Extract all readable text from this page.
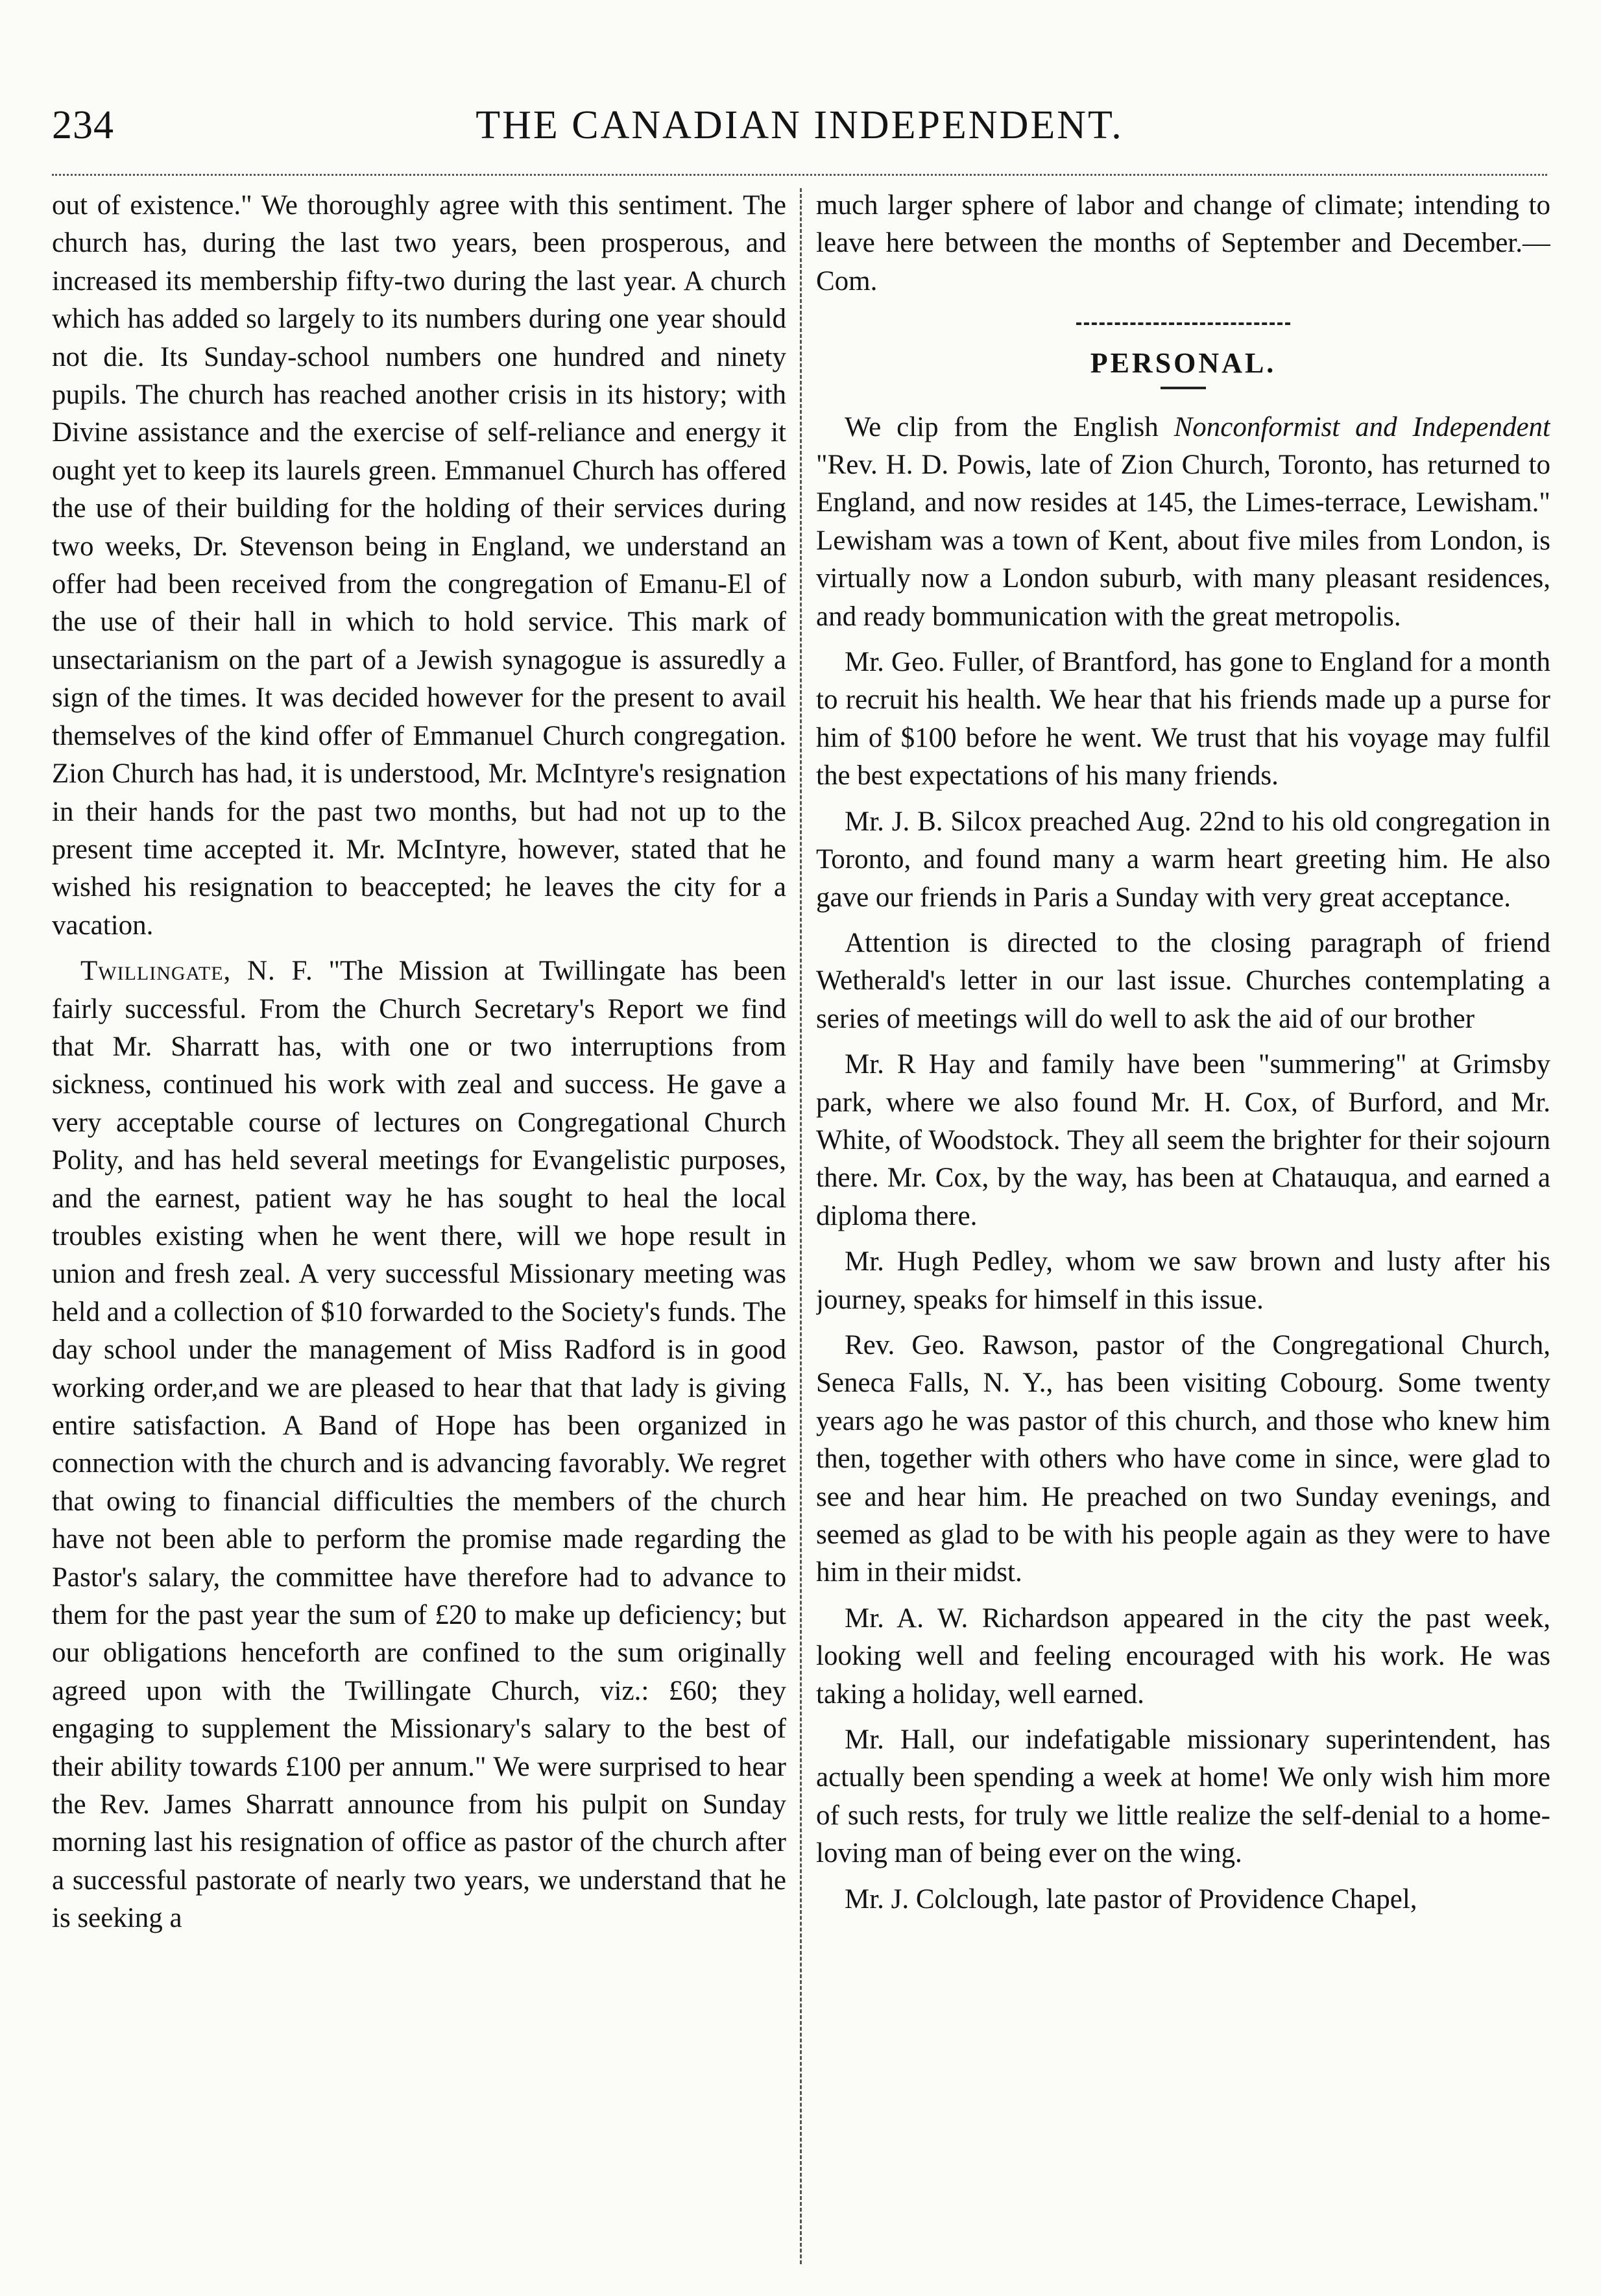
234	THE CANADIAN INDEPENDENT.

out of existence." We thoroughly agree with this sentiment. The church has, during the last two years, been prosperous, and increased its membership fifty-two during the last year. A church which has added so largely to its numbers during one year should not die. Its Sunday-school numbers one hundred and ninety pupils. The church has reached another crisis in its history; with Divine assistance and the exercise of self-reliance and energy it ought yet to keep its laurels green. Emmanuel Church has offered the use of their building for the holding of their services during two weeks, Dr. Stevenson being in England, we understand an offer had been received from the congregation of Emanu-El of the use of their hall in which to hold service. This mark of unsectarianism on the part of a Jewish synagogue is assuredly a sign of the times. It was decided however for the present to avail themselves of the kind offer of Emmanuel Church congregation. Zion Church has had, it is understood, Mr. McIntyre's resignation in their hands for the past two months, but had not up to the present time accepted it. Mr. McIntyre, however, stated that he wished his resignation to beaccepted; he leaves the city for a vacation.

Twillingate, N. F. "The Mission at Twillingate has been fairly successful. From the Church Secretary's Report we find that Mr. Sharratt has, with one or two interruptions from sickness, continued his work with zeal and success. He gave a very acceptable course of lectures on Congregational Church Polity, and has held several meetings for Evangelistic purposes, and the earnest, patient way he has sought to heal the local troubles existing when he went there, will we hope result in union and fresh zeal. A very successful Missionary meeting was held and a collection of $10 forwarded to the Society's funds. The day school under the management of Miss Radford is in good working order,and we are pleased to hear that that lady is giving entire satisfaction. A Band of Hope has been organized in connection with the church and is advancing favorably. We regret that owing to financial difficulties the members of the church have not been able to perform the promise made regarding the Pastor's salary, the committee have therefore had to advance to them for the past year the sum of £20 to make up deficiency; but our obligations henceforth are confined to the sum originally agreed upon with the Twillingate Church, viz.: £60; they engaging to supplement the Missionary's salary to the best of their ability towards £100 per annum." We were surprised to hear the Rev. James Sharratt announce from his pulpit on Sunday morning last his resignation of office as pastor of the church after a successful pastorate of nearly two years, we understand that he is seeking a

much larger sphere of labor and change of climate; intending to leave here between the months of September and December.—Com.

PERSONAL.

We clip from the English Nonconformist and Independent "Rev. H. D. Powis, late of Zion Church, Toronto, has returned to England, and now resides at 145, the Limes-terrace, Lewisham." Lewisham was a town of Kent, about five miles from London, is virtually now a London suburb, with many pleasant residences, and ready bommunication with the great metropolis.

Mr. Geo. Fuller, of Brantford, has gone to England for a month to recruit his health. We hear that his friends made up a purse for him of $100 before he went. We trust that his voyage may fulfil the best expectations of his many friends.

Mr. J. B. Silcox preached Aug. 22nd to his old congregation in Toronto, and found many a warm heart greeting him. He also gave our friends in Paris a Sunday with very great acceptance.

Attention is directed to the closing paragraph of friend Wetherald's letter in our last issue. Churches contemplating a series of meetings will do well to ask the aid of our brother

Mr. R Hay and family have been "summering" at Grimsby park, where we also found Mr. H. Cox, of Burford, and Mr. White, of Woodstock. They all seem the brighter for their sojourn there. Mr. Cox, by the way, has been at Chatauqua, and earned a diploma there.

Mr. Hugh Pedley, whom we saw brown and lusty after his journey, speaks for himself in this issue.

Rev. Geo. Rawson, pastor of the Congregational Church, Seneca Falls, N. Y., has been visiting Cobourg. Some twenty years ago he was pastor of this church, and those who knew him then, together with others who have come in since, were glad to see and hear him. He preached on two Sunday evenings, and seemed as glad to be with his people again as they were to have him in their midst.

Mr. A. W. Richardson appeared in the city the past week, looking well and feeling encouraged with his work. He was taking a holiday, well earned.

Mr. Hall, our indefatigable missionary superintendent, has actually been spending a week at home! We only wish him more of such rests, for truly we little realize the self-denial to a home-loving man of being ever on the wing.

Mr. J. Colclough, late pastor of Providence Chapel,
